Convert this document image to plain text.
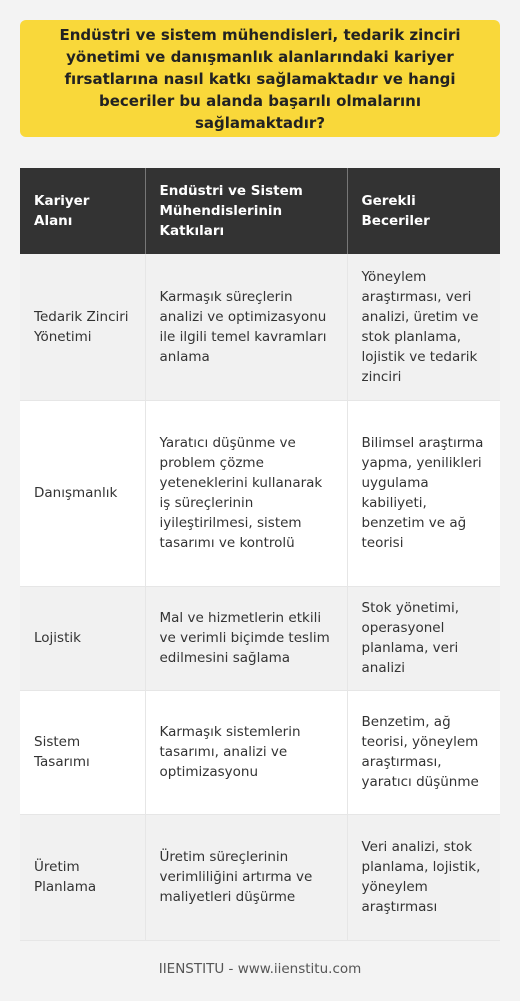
Endüstri ve sistem mühendisleri, tedarik zinciri yönetimi ve danışmanlık alanlarındaki kariyer fırsatlarına nasıl katkı sağlamaktadır ve hangi beceriler bu alanda başarılı olmalarını sağlamaktadır?
Kariyer Alanı	Endüstri ve Sistem Mühendislerinin Katkıları	Gerekli Beceriler
Tedarik Zinciri Yönetimi	Karmaşık süreçlerin analizi ve optimizasyonu ile ilgili temel kavramları anlama	Yöneylem araştırması, veri analizi, üretim ve stok planlama, lojistik ve tedarik zinciri
Danışmanlık	Yaratıcı düşünme ve problem çözme yeteneklerini kullanarak iş süreçlerinin iyileştirilmesi, sistem tasarımı ve kontrolü	Bilimsel araştırma yapma, yenilikleri uygulama kabiliyeti, benzetim ve ağ teorisi
Lojistik	Mal ve hizmetlerin etkili ve verimli biçimde teslim edilmesini sağlama	Stok yönetimi, operasyonel planlama, veri analizi
Sistem Tasarımı	Karmaşık sistemlerin tasarımı, analizi ve optimizasyonu	Benzetim, ağ teorisi, yöneylem araştırması, yaratıcı düşünme
Üretim Planlama	Üretim süreçlerinin verimliliğini artırma ve maliyetleri düşürme	Veri analizi, stok planlama, lojistik, yöneylem araştırması
IIENSTITU - www.iienstitu.com
